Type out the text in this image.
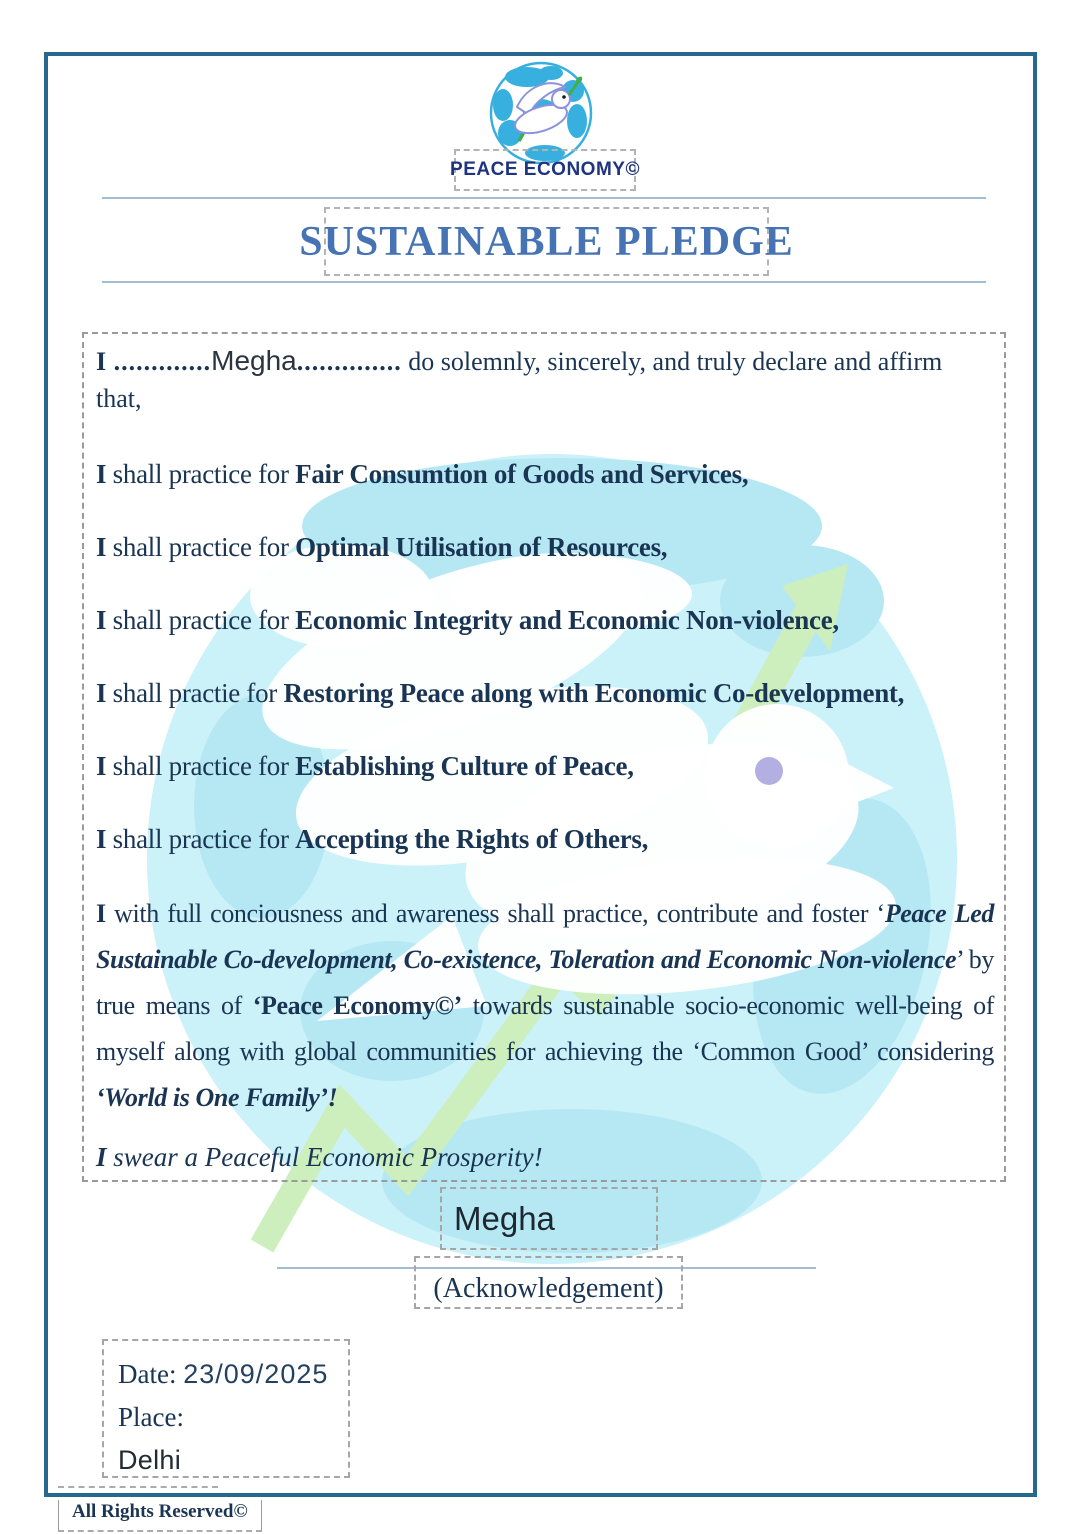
PEACE ECONOMY©
SUSTAINABLE PLEDGE

I .............Megha.............. do solemnly, sincerely, and truly declare and affirm
that,

I shall practice for Fair Consumtion of Goods and Services,

I shall practice for Optimal Utilisation of Resources,

I shall practice for Economic Integrity and Economic Non-violence,

I shall practie for Restoring Peace along with Economic Co-development,

I shall practice for Establishing Culture of Peace,

I shall practice for Accepting the Rights of Others,

I with full conciousness and awareness shall practice, contribute and foster ‘Peace Led Sustainable Co-development, Co-existence, Toleration and Economic Non-violence’ by true means of ‘Peace Economy©’ towards sustainable socio-economic well-being of myself along with global communities for achieving the ‘Common Good’ considering ‘World is One Family’!

I swear a Peaceful Economic Prosperity!

Megha
(Acknowledgement)
Date: 23/09/2025
Place:
Delhi
All Rights Reserved©
